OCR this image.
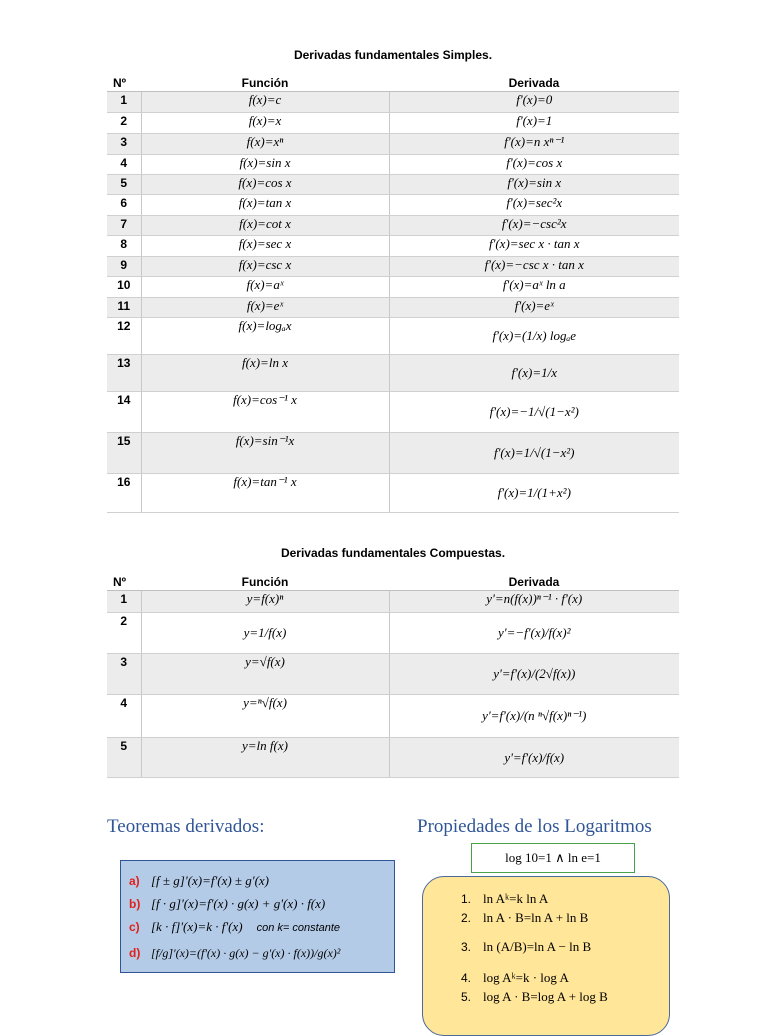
Derivadas fundamentales Simples.
Nº	Función	Derivada
1	f(x)=c	f'(x)=0
2	f(x)=x	f'(x)=1
3	f(x)=xⁿ	f'(x)=n xⁿ⁻¹
4	f(x)=sin x	f'(x)=cos x
5	f(x)=cos x	f'(x)=sin x
6	f(x)=tan x	f'(x)=sec²x
7	f(x)=cot x	f'(x)=−csc²x
8	f(x)=sec x	f'(x)=sec x · tan x
9	f(x)=csc x	f'(x)=−csc x · tan x
10	f(x)=aˣ	f'(x)=aˣ ln a
11	f(x)=eˣ	f'(x)=eˣ
12	f(x)=logₐx	f'(x)=(1/x) logₐe
13	f(x)=ln x	f'(x)=1/x
14	f(x)=cos⁻¹ x	f'(x)=−1/√(1−x²)
15	f(x)=sin⁻¹x	f'(x)=1/√(1−x²)
16	f(x)=tan⁻¹ x	f'(x)=1/(1+x²)
Derivadas fundamentales Compuestas.
Nº	Función	Derivada
1	y=f(x)ⁿ	y'=n(f(x))ⁿ⁻¹ · f'(x)
2	y=1/f(x)	y'=−f'(x)/f(x)²
3	y=√f(x)	y'=f'(x)/(2√f(x))
4	y=ⁿ√f(x)	y'=f'(x)/(n ⁿ√f(x)ⁿ⁻¹)
5	y=ln f(x)	y'=f'(x)/f(x)
Teoremas derivados:
a) [f ± g]'(x)=f'(x) ± g'(x)
b) [f · g]'(x)=f'(x) · g(x) + g'(x) · f(x)
c) [k · f]'(x)=k · f'(x) con k= constante
d) [f/g]'(x)=(f'(x) · g(x) − g'(x) · f(x))/g(x)²
Propiedades de los Logaritmos
log 10=1 ∧ ln e=1
1. ln Aᵏ=k ln A
2. ln A · B=ln A + ln B
3. ln (A/B)=ln A − ln B
4. log Aᵏ=k · log A
5. log A · B=log A + log B
